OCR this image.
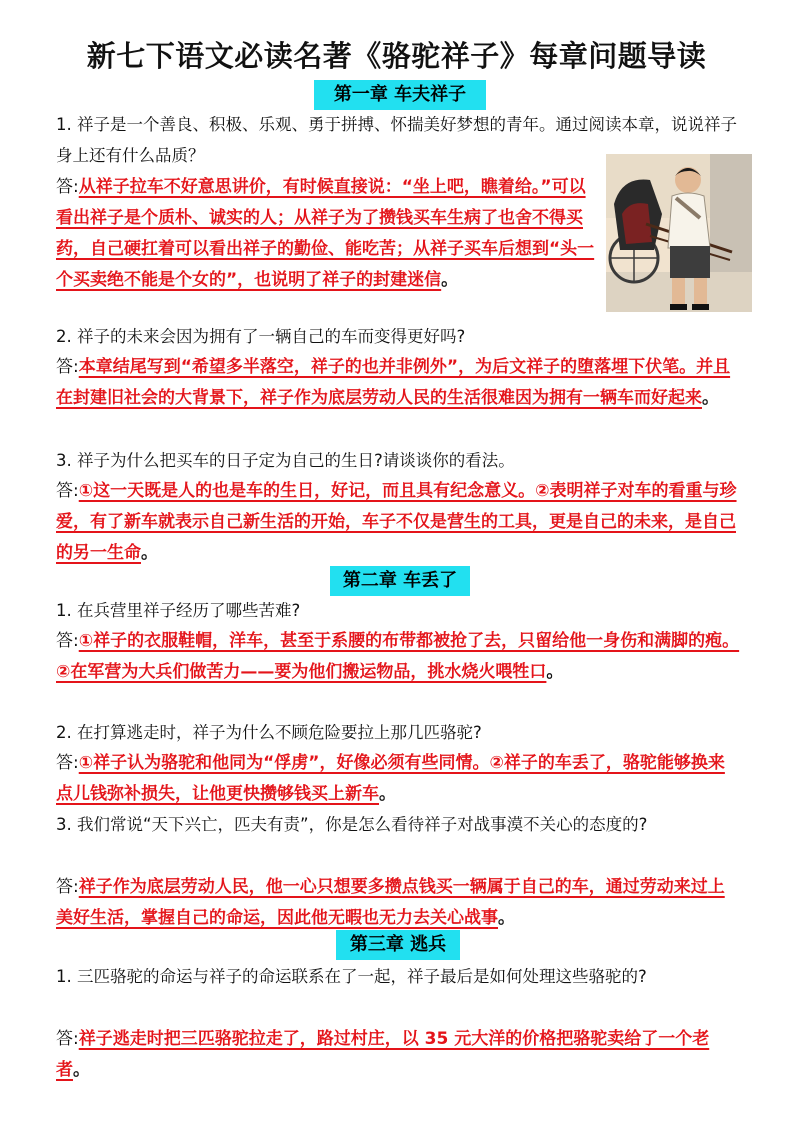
新七下语文必读名著《骆驼祥子》每章问题导读
第一章 车夫祥子
1. 祥子是一个善良、积极、乐观、勇于拼搏、怀揣美好梦想的青年。通过阅读本章，说说祥子身上还有什么品质？
答:从祥子拉车不好意思讲价，有时候直接说：“坐上吧，瞧着给。”可以看出祥子是个质朴、诚实的人；从祥子为了攒钱买车生病了也舍不得买药，自己硬扛着可以看出祥子的勤俭、能吃苦；从祥子买车后想到“头一个买卖绝不能是个女的”，也说明了祥子的封建迷信。
2. 祥子的未来会因为拥有了一辆自己的车而变得更好吗?
答:本章结尾写到“希望多半落空，祥子的也并非例外”，为后文祥子的堕落埋下伏笔。并且在封建旧社会的大背景下，祥子作为底层劳动人民的生活很难因为拥有一辆车而好起来。
3. 祥子为什么把买车的日子定为自己的生日?请谈谈你的看法。
答:①这一天既是人的也是车的生日，好记，而且具有纪念意义。②表明祥子对车的看重与珍爱，有了新车就表示自己新生活的开始，车子不仅是营生的工具，更是自己的未来，是自己的另一生命。
第二章 车丢了
1. 在兵营里祥子经历了哪些苦难?
答:①祥子的衣服鞋帽，洋车，甚至于系腰的布带都被抢了去，只留给他一身伤和满脚的疱。②在军营为大兵们做苦力——要为他们搬运物品，挑水烧火喂牲口。
2. 在打算逃走时，祥子为什么不顾危险要拉上那几匹骆驼?
答:①祥子认为骆驼和他同为“俘虏”，好像必须有些同情。②祥子的车丢了，骆驼能够换来点儿钱弥补损失，让他更快攒够钱买上新车。
3. 我们常说“天下兴亡，匹夫有责”，你是怎么看待祥子对战事漠不关心的态度的?
答:祥子作为底层劳动人民，他一心只想要多攒点钱买一辆属于自己的车，通过劳动来过上美好生活，掌握自己的命运，因此他无暇也无力去关心战事。
第三章 逃兵
1. 三匹骆驼的命运与祥子的命运联系在了一起，祥子最后是如何处理这些骆驼的?
答:祥子逃走时把三匹骆驼拉走了，路过村庄，以 35 元大洋的价格把骆驼卖给了一个老者。
